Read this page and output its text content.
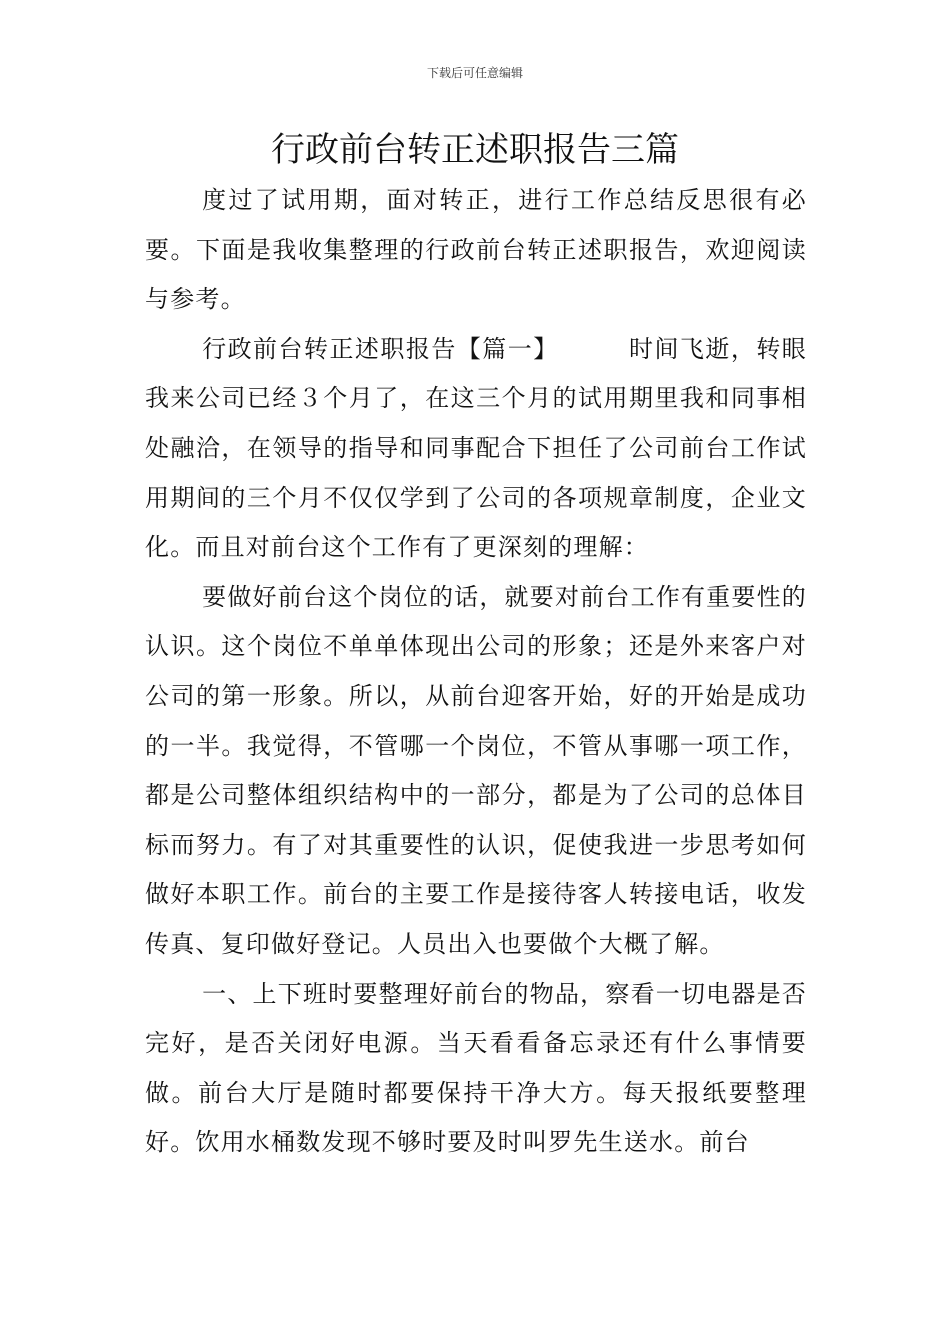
下载后可任意编辑
行政前台转正述职报告三篇

度过了试用期，面对转正，进行工作总结反思很有必要。下面是我收集整理的行政前台转正述职报告，欢迎阅读与参考。

行政前台转正述职报告【篇一】	时间飞逝，转眼我来公司已经３个月了，在这三个月的试用期里我和同事相处融洽，在领导的指导和同事配合下担任了公司前台工作试用期间的三个月不仅仅学到了公司的各项规章制度，企业文化。而且对前台这个工作有了更深刻的理解：

要做好前台这个岗位的话，就要对前台工作有重要性的认识。这个岗位不单单体现出公司的形象；还是外来客户对公司的第一形象。所以，从前台迎客开始，好的开始是成功的一半。我觉得，不管哪一个岗位，不管从事哪一项工作，都是公司整体组织结构中的一部分，都是为了公司的总体目标而努力。有了对其重要性的认识，促使我进一步思考如何做好本职工作。前台的主要工作是接待客人转接电话，收发传真、复印做好登记。人员出入也要做个大概了解。

一、上下班时要整理好前台的物品，察看一切电器是否完好，是否关闭好电源。当天看看备忘录还有什么事情要做。前台大厅是随时都要保持干净大方。每天报纸要整理好。饮用水桶数发现不够时要及时叫罗先生送水。前台
